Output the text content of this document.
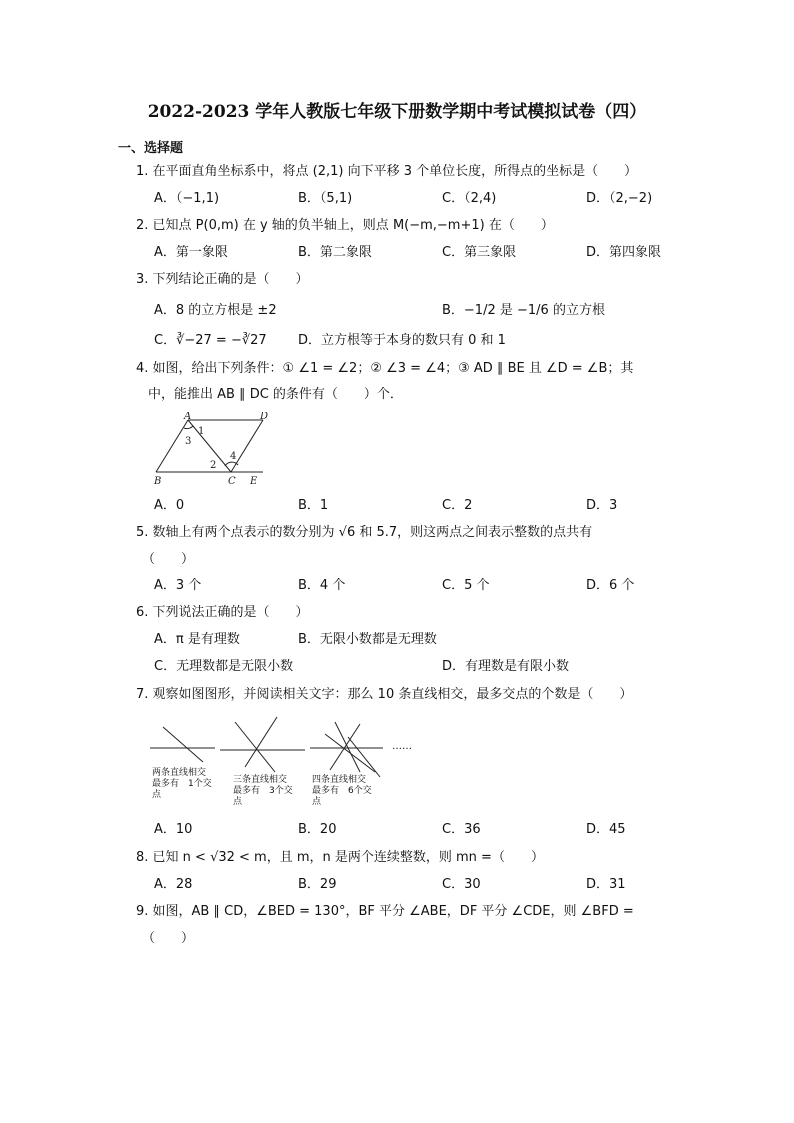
2022-2023 学年人教版七年级下册数学期中考试模拟试卷（四）
一、选择题
1. 在平面直角坐标系中，将点 (2,1) 向下平移 3 个单位长度，所得点的坐标是（　　）
A．（−1,1)	B．（5,1)	C．（2,4)	D．（2,−2)
2. 已知点 P(0,m) 在 y 轴的负半轴上，则点 M(−m,−m+1) 在（　　）
A．第一象限	B．第二象限	C．第三象限	D．第四象限
3. 下列结论正确的是（　　）
A．8 的立方根是 ±2	B．−1/2 是 −1/6 的立方根
C．∛−27 = −∛27 D．立方根等于本身的数只有 0 和 1
4. 如图，给出下列条件：① ∠1 = ∠2；② ∠3 = ∠4；③ AD ∥ BE 且 ∠D = ∠B；其
中，能推出 AB ∥ DC 的条件有（　　）个．
A	D
1
3
2
4
B	C E
A．0	B．1	C．2	D．3
5. 数轴上有两个点表示的数分别为 √6 和 5.7，则这两点之间表示整数的点共有
（　　）
A．3 个	B．4 个	C．5 个	D．6 个
6. 下列说法正确的是（　　）
A．π 是有理数	B．无限小数都是无理数
C．无理数都是无限小数	D．有理数是有限小数
7. 观察如图图形，并阅读相关文字：那么 10 条直线相交，最多交点的个数是（　　）
……
两条直线相交
最多有　1个交
点
三条直线相交
最多有　3个交
点
四条直线相交
最多有　6个交
点
A．10	B．20	C．36	D．45
8. 已知 n < √32 < m，且 m，n 是两个连续整数，则 mn =（　　）
A．28	B．29	C．30	D．31
9. 如图，AB ∥ CD，∠BED = 130°，BF 平分 ∠ABE，DF 平分 ∠CDE，则 ∠BFD =
（　　）
